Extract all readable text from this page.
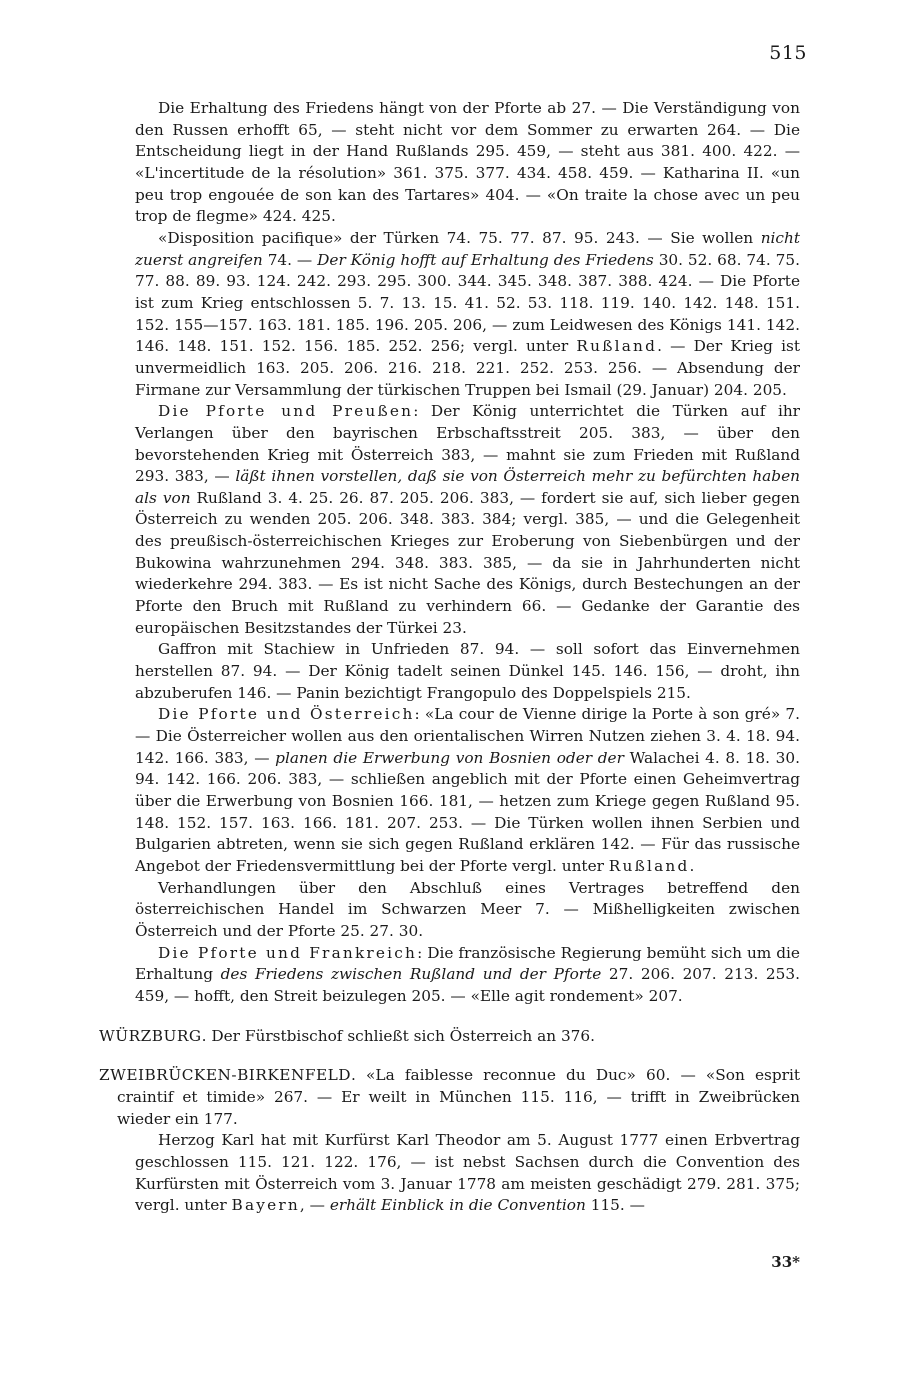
515

Die Erhaltung des Friedens hängt von der Pforte ab 27. — Die Verständigung von den Russen erhofft 65, — steht nicht vor dem Sommer zu erwarten 264. — Die Entscheidung liegt in der Hand Rußlands 295. 459, — steht aus 381. 400. 422. — «L'incertitude de la résolution» 361. 375. 377. 434. 458. 459. — Katharina II. «un peu trop engouée de son kan des Tartares» 404. — «On traite la chose avec un peu trop de flegme» 424. 425.

«Disposition pacifique» der Türken 74. 75. 77. 87. 95. 243. — Sie wollen nicht zuerst angreifen 74. — Der König hofft auf Erhaltung des Friedens 30. 52. 68. 74. 75. 77. 88. 89. 93. 124. 242. 293. 295. 300. 344. 345. 348. 387. 388. 424. — Die Pforte ist zum Krieg entschlossen 5. 7. 13. 15. 41. 52. 53. 118. 119. 140. 142. 148. 151. 152. 155—157. 163. 181. 185. 196. 205. 206, — zum Leidwesen des Königs 141. 142. 146. 148. 151. 152. 156. 185. 252. 256; vergl. unter Rußland. — Der Krieg ist unvermeidlich 163. 205. 206. 216. 218. 221. 252. 253. 256. — Absendung der Firmane zur Versammlung der türkischen Truppen bei Ismail (29. Januar) 204. 205.

Die Pforte und Preußen: Der König unterrichtet die Türken auf ihr Verlangen über den bayrischen Erbschaftsstreit 205. 383, — über den bevorstehenden Krieg mit Österreich 383, — mahnt sie zum Frieden mit Rußland 293. 383, — läßt ihnen vorstellen, daß sie von Österreich mehr zu befürchten haben als von Rußland 3. 4. 25. 26. 87. 205. 206. 383, — fordert sie auf, sich lieber gegen Österreich zu wenden 205. 206. 348. 383. 384; vergl. 385, — und die Gelegenheit des preußisch-österreichischen Krieges zur Eroberung von Siebenbürgen und der Bukowina wahrzunehmen 294. 348. 383. 385, — da sie in Jahrhunderten nicht wiederkehre 294. 383. — Es ist nicht Sache des Königs, durch Bestechungen an der Pforte den Bruch mit Rußland zu verhindern 66. — Gedanke der Garantie des europäischen Besitzstandes der Türkei 23.

Gaffron mit Stachiew in Unfrieden 87. 94. — soll sofort das Einvernehmen herstellen 87. 94. — Der König tadelt seinen Dünkel 145. 146. 156, — droht, ihn abzuberufen 146. — Panin bezichtigt Frangopulo des Doppelspiels 215.

Die Pforte und Österreich: «La cour de Vienne dirige la Porte à son gré» 7. — Die Österreicher wollen aus den orientalischen Wirren Nutzen ziehen 3. 4. 18. 94. 142. 166. 383, — planen die Erwerbung von Bosnien oder der Walachei 4. 8. 18. 30. 94. 142. 166. 206. 383, — schließen angeblich mit der Pforte einen Geheimvertrag über die Erwerbung von Bosnien 166. 181, — hetzen zum Kriege gegen Rußland 95. 148. 152. 157. 163. 166. 181. 207. 253. — Die Türken wollen ihnen Serbien und Bulgarien abtreten, wenn sie sich gegen Rußland erklären 142. — Für das russische Angebot der Friedensvermittlung bei der Pforte vergl. unter Rußland.

Verhandlungen über den Abschluß eines Vertrages betreffend den österreichischen Handel im Schwarzen Meer 7. — Mißhelligkeiten zwischen Österreich und der Pforte 25. 27. 30.

Die Pforte und Frankreich: Die französische Regierung bemüht sich um die Erhaltung des Friedens zwischen Rußland und der Pforte 27. 206. 207. 213. 253. 459, — hofft, den Streit beizulegen 205. — «Elle agit rondement» 207.

WÜRZBURG. Der Fürstbischof schließt sich Österreich an 376.

ZWEIBRÜCKEN-BIRKENFELD. «La faiblesse reconnue du Duc» 60. — «Son esprit craintif et timide» 267. — Er weilt in München 115. 116, — trifft in Zweibrücken wieder ein 177.

Herzog Karl hat mit Kurfürst Karl Theodor am 5. August 1777 einen Erbvertrag geschlossen 115. 121. 122. 176, — ist nebst Sachsen durch die Convention des Kurfürsten mit Österreich vom 3. Januar 1778 am meisten geschädigt 279. 281. 375; vergl. unter Bayern, — erhält Einblick in die Convention 115. —

33*
